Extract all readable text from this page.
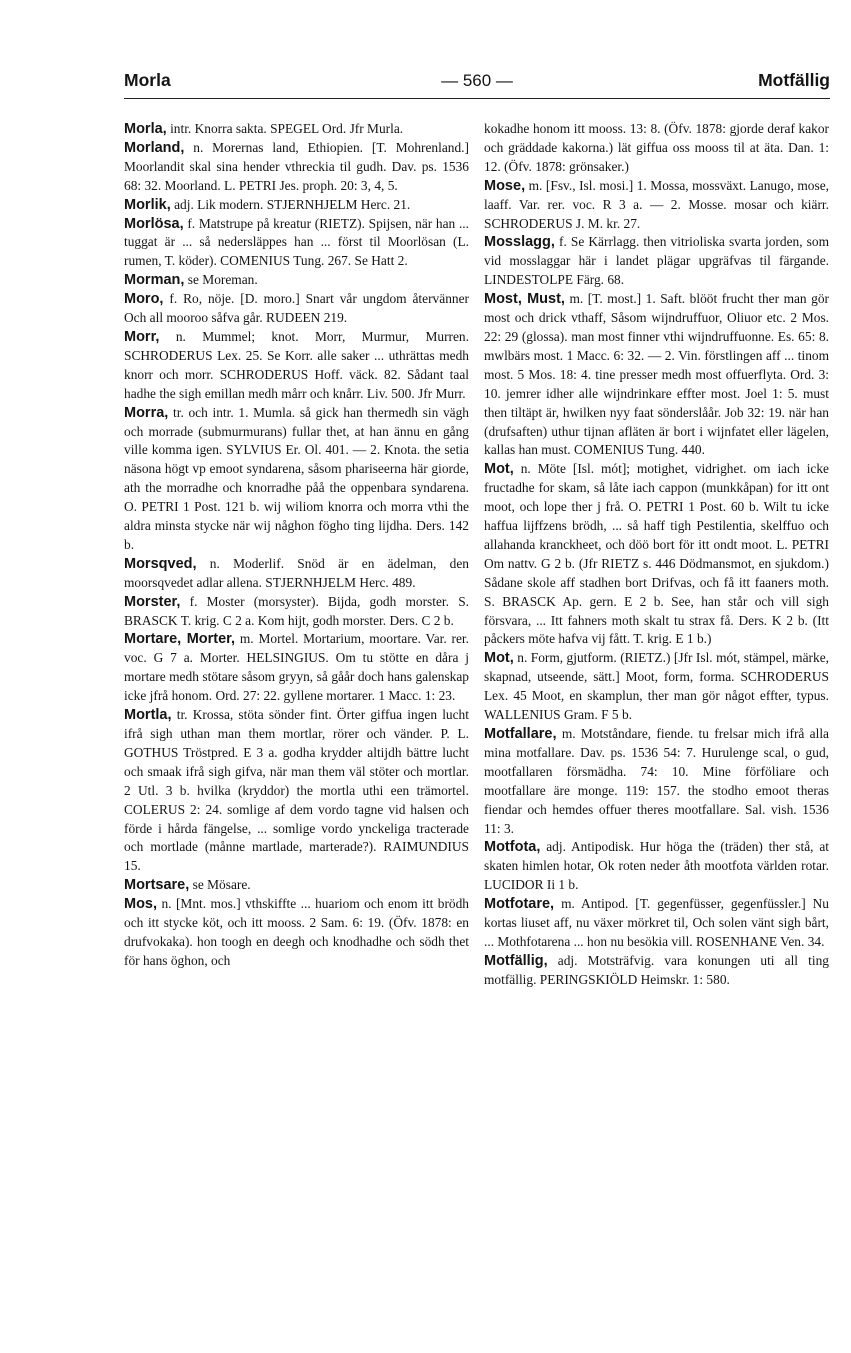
Morla	— 560 —	Motfällig

Morla, intr. Knorra sakta. SPEGEL Ord. Jfr Murla.

Morland, n. Morernas land, Ethiopien. [T. Mohrenland.] Moorlandit skal sina hender vthreckia til gudh. Dav. ps. 1536 68: 32. Moorland. L. PETRI Jes. proph. 20: 3, 4, 5.

Morlik, adj. Lik modern. STJERNHJELM Herc. 21.

Morlösa, f. Matstrupe på kreatur (RIETZ). Spijsen, när han ... tuggat är ... så nedersläppes han ... först til Moorlösan (L. rumen, T. köder). COMENIUS Tung. 267. Se Hatt 2.

Morman, se Moreman.

Moro, f. Ro, nöje. [D. moro.] Snart vår ungdom återvänner Och all mooroo såfva går. RUDEEN 219.

Morr, n. Mummel; knot. Morr, Murmur, Murren. SCHRODERUS Lex. 25. Se Korr. alle saker ... uthrättas medh knorr och morr. SCHRODERUS Hoff. väck. 82. Sådant taal hadhe the sigh emillan medh mårr och knårr. Liv. 500. Jfr Murr.

Morra, tr. och intr. 1. Mumla. så gick han thermedh sin vägh och morrade (submurmurans) fullar thet, at han ännu en gång ville komma igen. SYLVIUS Er. Ol. 401. — 2. Knota. the setia näsona högt vp emoot syndarena, såsom phariseerna här giorde, ath the morradhe och knorradhe påå the oppenbara syndarena. O. PETRI 1 Post. 121 b. wij wiliom knorra och morra vthi the aldra minsta stycke när wij någhon fögho ting lijdha. Ders. 142 b.

Morsqved, n. Moderlif. Snöd är en ädelman, den moorsqvedet adlar allena. STJERNHJELM Herc. 489.

Morster, f. Moster (morsyster). Bijda, godh morster. S. BRASCK T. krig. C 2 a. Kom hijt, godh morster. Ders. C 2 b.

Mortare, Morter, m. Mortel. Mortarium, moortare. Var. rer. voc. G 7 a. Morter. HELSINGIUS. Om tu stötte en dåra j mortare medh stötare såsom gryyn, så gåår doch hans galenskap icke jfrå honom. Ord. 27: 22. gyllene mortarer. 1 Macc. 1: 23.

Mortla, tr. Krossa, stöta sönder fint. Örter giffua ingen lucht ifrå sigh uthan man them mortlar, rörer och vänder. P. L. GOTHUS Tröstpred. E 3 a. godha krydder altijdh bättre lucht och smaak ifrå sigh gifva, när man them väl stöter och mortlar. 2 Utl. 3 b. hvilka (kryddor) the mortla uthi een trämortel. COLERUS 2: 24. somlige af dem vordo tagne vid halsen och förde i hårda fängelse, ... somlige vordo ynckeliga tracterade och mortlade (månne martlade, marterade?). RAIMUNDIUS 15.

Mortsare, se Mösare.

Mos, n. [Mnt. mos.] vthskiffte ... huariom och enom itt brödh och itt stycke köt, och itt mooss. 2 Sam. 6: 19. (Öfv. 1878: en drufvokaka). hon toogh en deegh och knodhadhe och södh thet för hans öghon, och

kokadhe honom itt mooss. 13: 8. (Öfv. 1878: gjorde deraf kakor och gräddade kakorna.) lät giffua oss mooss til at äta. Dan. 1: 12. (Öfv. 1878: grönsaker.)

Mose, m. [Fsv., Isl. mosi.] 1. Mossa, mossväxt. Lanugo, mose, laaff. Var. rer. voc. R 3 a. — 2. Mosse. mosar och kiärr. SCHRODERUS J. M. kr. 27.

Mosslagg, f. Se Kärrlagg. then vitrioliska svarta jorden, som vid mosslaggar här i landet plägar upgräfvas til färgande. LINDESTOLPE Färg. 68.

Most, Must, m. [T. most.] 1. Saft. blööt frucht ther man gör most och drick vthaff, Såsom wijndruffuor, Oliuor etc. 2 Mos. 22: 29 (glossa). man most finner vthi wijndruffuonne. Es. 65: 8. mwlbärs most. 1 Macc. 6: 32. — 2. Vin. förstlingen aff ... tinom most. 5 Mos. 18: 4. tine presser medh most offuerflyta. Ord. 3: 10. jemrer idher alle wijndrinkare effter most. Joel 1: 5. must then tiltäpt är, hwilken nyy faat sönderslåår. Job 32: 19. när han (drufsaften) uthur tijnan afläten är bort i wijnfatet eller lägelen, kallas han must. COMENIUS Tung. 440.

Mot, n. Möte [Isl. mót]; motighet, vidrighet. om iach icke fructadhe for skam, så låte iach cappon (munkkåpan) for itt ont moot, och lope ther j frå. O. PETRI 1 Post. 60 b. Wilt tu icke haffua lijffzens brödh, ... så haff tigh Pestilentia, skelffuo och allahanda kranckheet, och döö bort för itt ondt moot. L. PETRI Om nattv. G 2 b. (Jfr RIETZ s. 446 Dödmansmot, en sjukdom.) Sådane skole aff stadhen bort Drifvas, och få itt faaners moth. S. BRASCK Ap. gern. E 2 b. See, han står och vill sigh försvara, ... Itt fahners moth skalt tu strax få. Ders. K 2 b. (Itt påckers möte hafva vij fått. T. krig. E 1 b.)

Mot, n. Form, gjutform. (RIETZ.) [Jfr Isl. mót, stämpel, märke, skapnad, utseende, sätt.] Moot, form, forma. SCHRODERUS Lex. 45 Moot, en skamplun, ther man gör något effter, typus. WALLENIUS Gram. F 5 b.

Motfallare, m. Motståndare, fiende. tu frelsar mich ifrå alla mina motfallare. Dav. ps. 1536 54: 7. Hurulenge scal, o gud, mootfallaren försmädha. 74: 10. Mine förföliare och mootfallare äre monge. 119: 157. the stodho emoot theras fiendar och hemdes offuer theres mootfallare. Sal. vish. 1536 11: 3.

Motfota, adj. Antipodisk. Hur höga the (träden) ther stå, at skaten himlen hotar, Ok roten neder åth mootfota världen rotar. LUCIDOR Ii 1 b.

Motfotare, m. Antipod. [T. gegenfüsser, gegenfüssler.] Nu kortas liuset aff, nu växer mörkret til, Och solen vänt sigh bårt, ... Mothfotarena ... hon nu besökia vill. ROSENHANE Ven. 34.

Motfällig, adj. Motsträfvig. vara konungen uti all ting motfällig. PERINGSKIÖLD Heimskr. 1: 580.
